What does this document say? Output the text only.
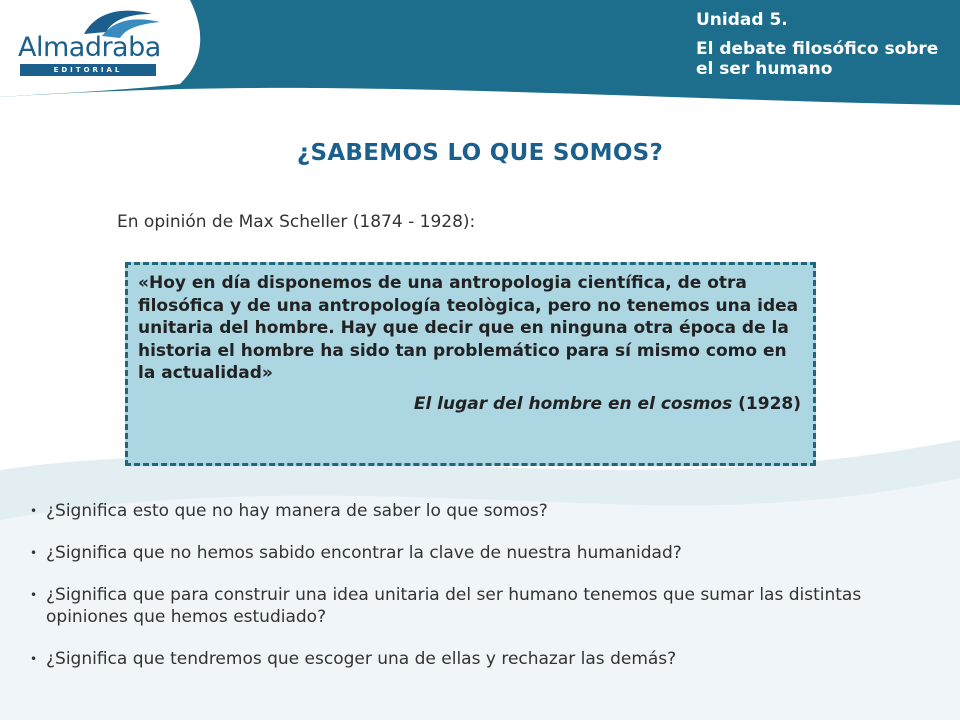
Almadraba
EDITORIAL
Unidad 5.
El debate filosófico sobre el ser humano
¿SABEMOS LO QUE SOMOS?
En opinión de Max Scheller (1874 - 1928):

«Hoy en día disponemos de una antropologia científica, de otra filosófica y de una antropología teològica, pero no tenemos una idea unitaria del hombre. Hay que decir que en ninguna otra época de la historia el hombre ha sido tan problemático para sí mismo como en la actualidad»

El lugar del hombre en el cosmos (1928)
• ¿Significa esto que no hay manera de saber lo que somos?
• ¿Significa que no hemos sabido encontrar la clave de nuestra humanidad?
• ¿Significa que para construir una idea unitaria del ser humano tenemos que sumar las distintas opiniones que hemos estudiado?
• ¿Significa que tendremos que escoger una de ellas y rechazar las demás?
